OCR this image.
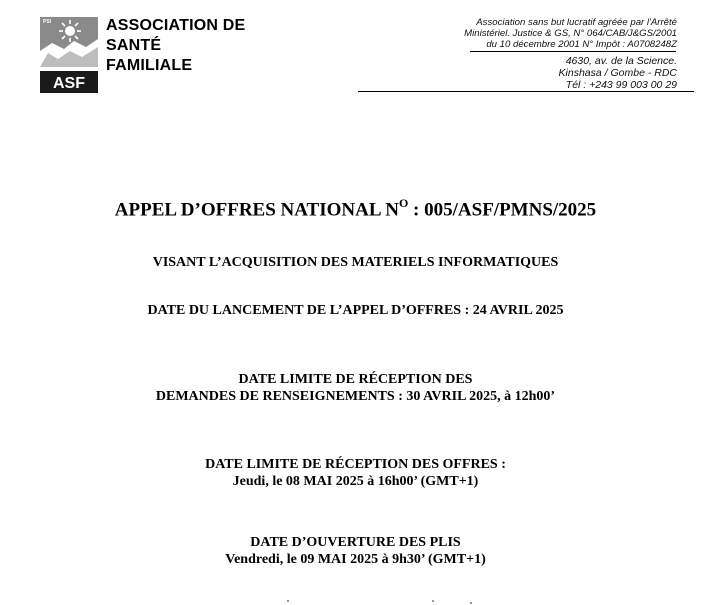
ASF
PSI	ASSOCIATION DE
SANTÉ
FAMILIALE
Association sans but lucratif agréée par l'Arrêté
Ministériel. Justice & GS, N° 064/CAB/J&GS/2001
du 10 décembre 2001 N° Impôt : A0708248Z
4630, av. de la Science.
Kinshasa / Gombe - RDC
Tél : +243 99 003 00 29
APPEL D’OFFRES NATIONAL $N^O$ : 005/ASF/PMNS/2025
VISANT L’ACQUISITION DES MATERIELS INFORMATIQUES
DATE DU LANCEMENT DE L’APPEL D’OFFRES : 24 AVRIL 2025
DATE LIMITE DE RÉCEPTION DES
DEMANDES DE RENSEIGNEMENTS : 30 AVRIL 2025, à 12h00’
DATE LIMITE DE RÉCEPTION DES OFFRES :
Jeudi, le 08 MAI 2025 à 16h00’ (GMT+1)
DATE D’OUVERTURE DES PLIS
Vendredi, le 09 MAI 2025 à 9h30’ (GMT+1)
